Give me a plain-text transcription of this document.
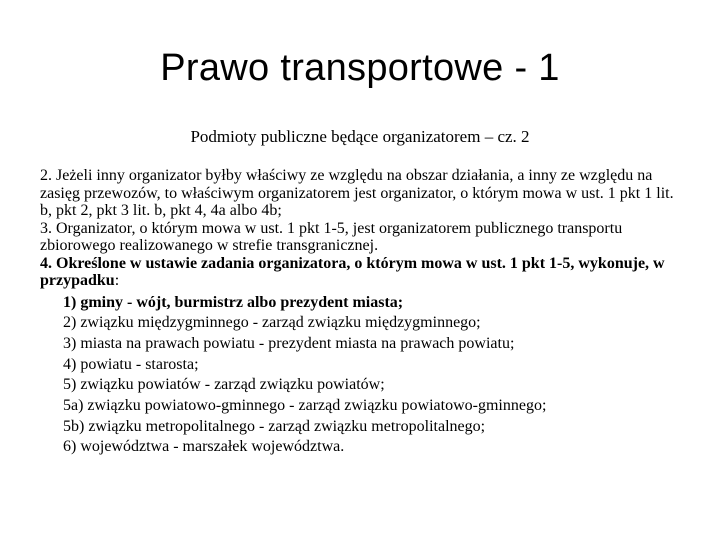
Prawo transportowe - 1
Podmioty publiczne będące organizatorem – cz. 2

2. Jeżeli inny organizator byłby właściwy ze względu na obszar działania, a inny ze względu na zasięg przewozów, to właściwym organizatorem jest organizator, o którym mowa w ust. 1 pkt 1 lit. b, pkt 2, pkt 3 lit. b, pkt 4, 4a albo 4b;

3. Organizator, o którym mowa w ust. 1 pkt 1-5, jest organizatorem publicznego transportu zbiorowego realizowanego w strefie transgranicznej.

4. Określone w ustawie zadania organizatora, o którym mowa w ust. 1 pkt 1-5, wykonuje, w przypadku:

1) gminy - wójt, burmistrz albo prezydent miasta;
2) związku międzygminnego - zarząd związku międzygminnego;
3) miasta na prawach powiatu - prezydent miasta na prawach powiatu;
4) powiatu - starosta;
5) związku powiatów - zarząd związku powiatów;
5a) związku powiatowo-gminnego - zarząd związku powiatowo-gminnego;
5b) związku metropolitalnego - zarząd związku metropolitalnego;
6) województwa - marszałek województwa.
